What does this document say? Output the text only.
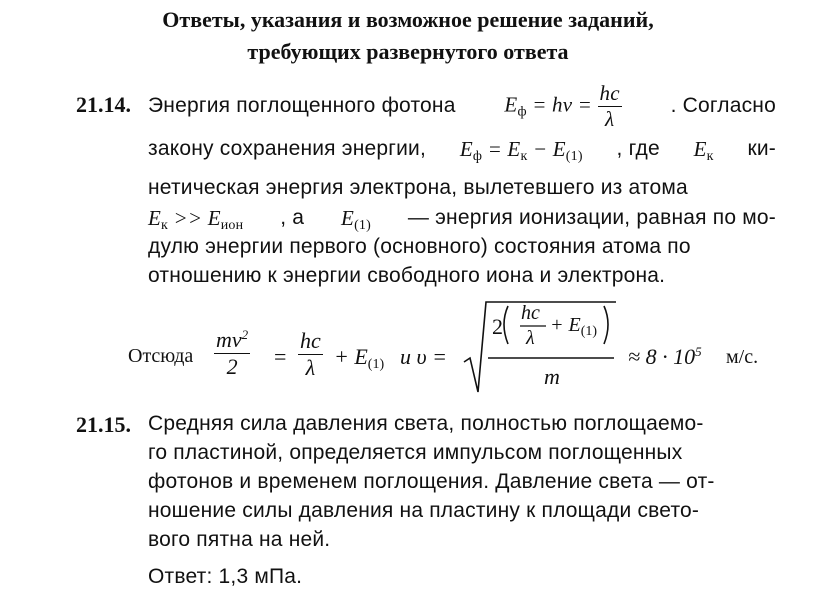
Ответы, указания и возможное решение заданий,
требующих развернутого ответа
21.14. Энергия поглощенного фотона $E_ф = h\nu = \frac{hc}{\lambda}$ . Согласно
закону сохранения энергии, $E_ф = E_к - E_{(1)}$ , где $E_к$ ки-
нетическая энергия электрона, вылетевшего из атома
$E_к >> E_{ион}$ , а $E_{(1)}$ — энергия ионизации, равная по мо-
дулю энергии первого (основного) состояния атома по
отношению к энергии свободного иона и электрона.
Отсюда $\frac{mv^2}{2} = \frac{hc}{\lambda} + E_{(1)}$ и υ =
2
hc
λ
+ $E_{(1)}$
m
≈ $8 \cdot 10^5$ м/с.
21.15. Средняя сила давления света, полностью поглощаемо-
го пластиной, определяется импульсом поглощенных
фотонов и временем поглощения. Давление света — от-
ношение силы давления на пластину к площади свето-
вого пятна на ней.
Ответ: 1,3 мПа.
